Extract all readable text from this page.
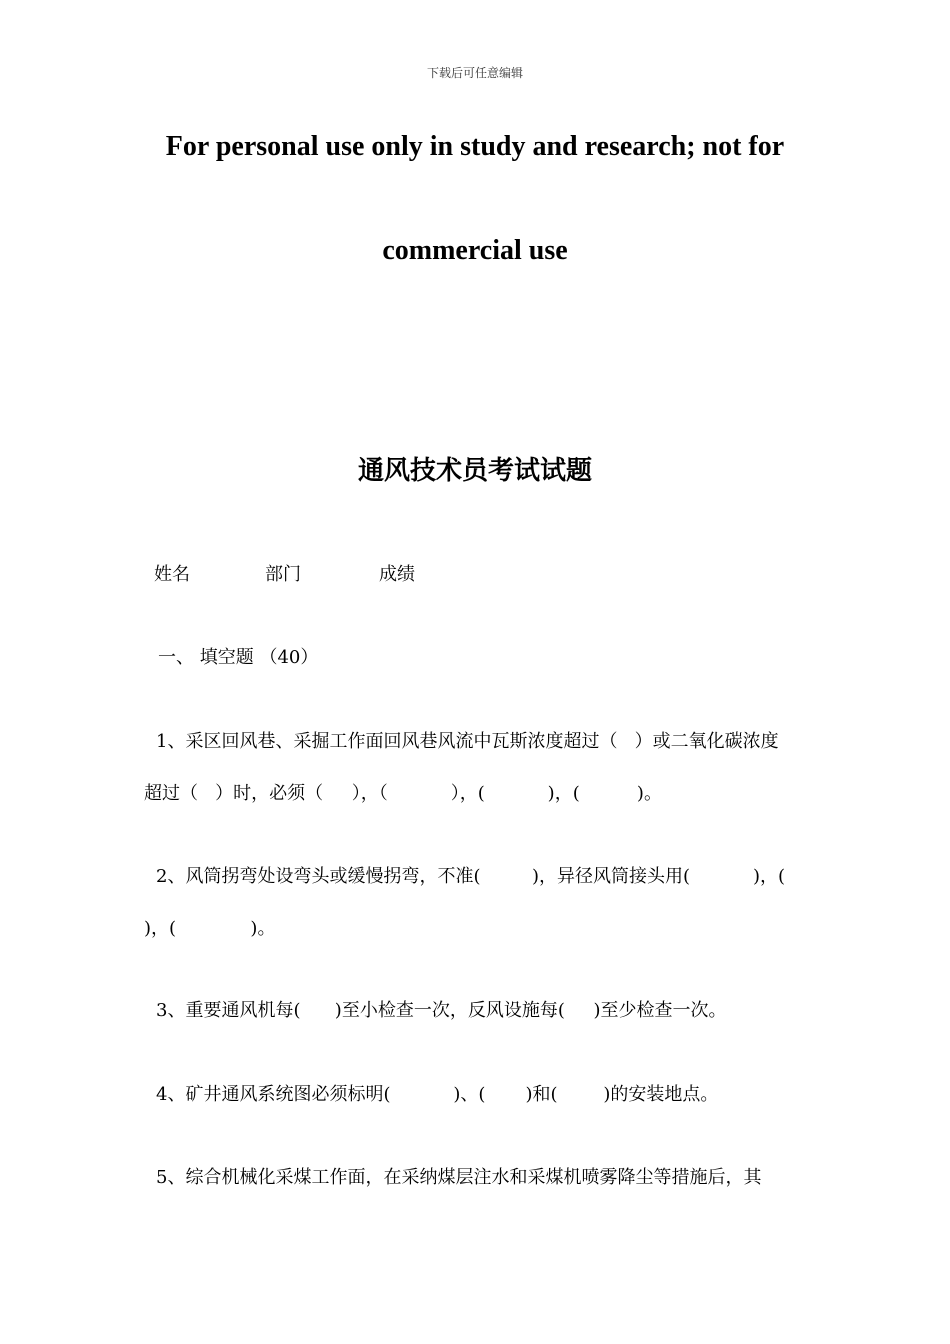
下载后可任意编辑
For personal use only in study and research; not for
commercial use
通风技术员考试试题
姓名	部门	成绩

一、 填空题 （40）

1、采区回风巷、采掘工作面回风巷风流中瓦斯浓度超过（   ）或二氧化碳浓度

超过（   ）时，必须（     ），（           ），(           )，(          )。

2、风筒拐弯处设弯头或缓慢拐弯，不准(         )，异径风筒接头用(           )，(

)，(             )。

3、重要通风机每(      )至小检查一次，反风设施每(     )至少检查一次。

4、矿井通风系统图必须标明(           )、(       )和(        )的安装地点。

5、综合机械化采煤工作面，在采纳煤层注水和采煤机喷雾降尘等措施后，其
